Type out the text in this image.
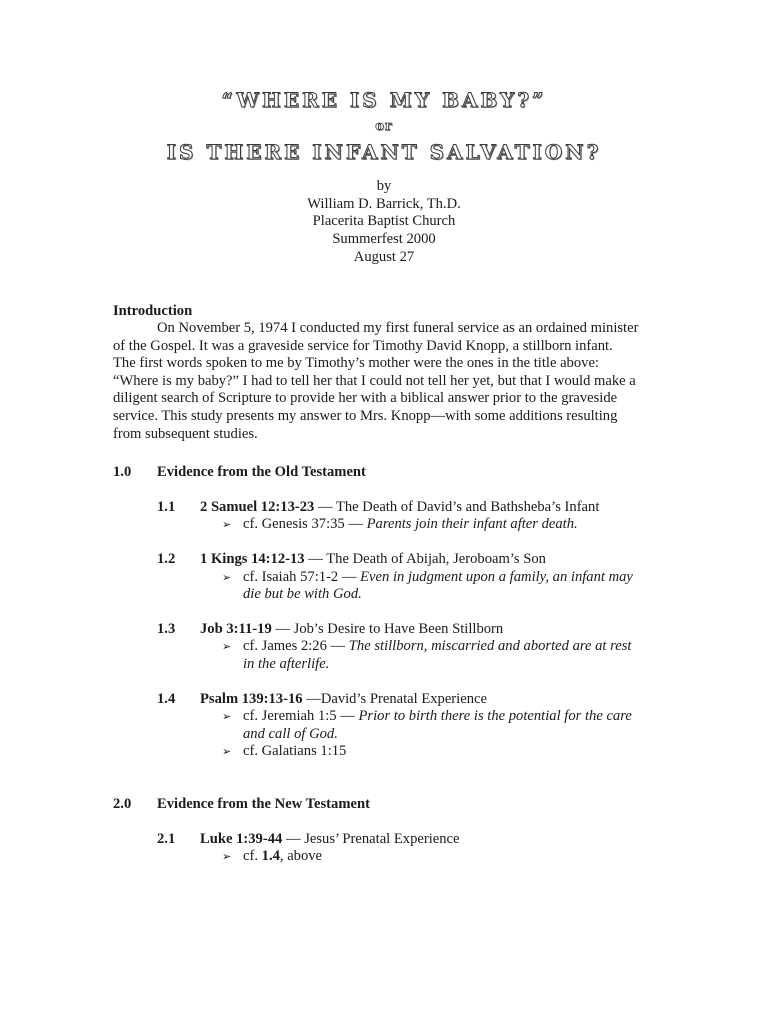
“WHERE IS MY BABY?”
or
IS THERE INFANT SALVATION?
by
William D. Barrick, Th.D.
Placerita Baptist Church
Summerfest 2000
August 27
Introduction
On November 5, 1974 I conducted my first funeral service as an ordained minister
of the Gospel. It was a graveside service for Timothy David Knopp, a stillborn infant.
The first words spoken to me by Timothy’s mother were the ones in the title above:
“Where is my baby?” I had to tell her that I could not tell her yet, but that I would make a
diligent search of Scripture to provide her with a biblical answer prior to the graveside
service. This study presents my answer to Mrs. Knopp—with some additions resulting
from subsequent studies.
1.0	Evidence from the Old Testament
1.1	2 Samuel 12:13-23 — The Death of David’s and Bathsheba’s Infant
➢ cf. Genesis 37:35 — Parents join their infant after death.
1.2	1 Kings 14:12-13 — The Death of Abijah, Jeroboam’s Son
➢ cf. Isaiah 57:1-2 — Even in judgment upon a family, an infant may
die but be with God.
1.3	Job 3:11-19 — Job’s Desire to Have Been Stillborn
➢ cf. James 2:26 — The stillborn, miscarried and aborted are at rest
in the afterlife.
1.4	Psalm 139:13-16 —David’s Prenatal Experience
➢ cf. Jeremiah 1:5 — Prior to birth there is the potential for the care
and call of God.
➢ cf. Galatians 1:15
2.0	Evidence from the New Testament
2.1	Luke 1:39-44 — Jesus’ Prenatal Experience
➢ cf. 1.4, above
